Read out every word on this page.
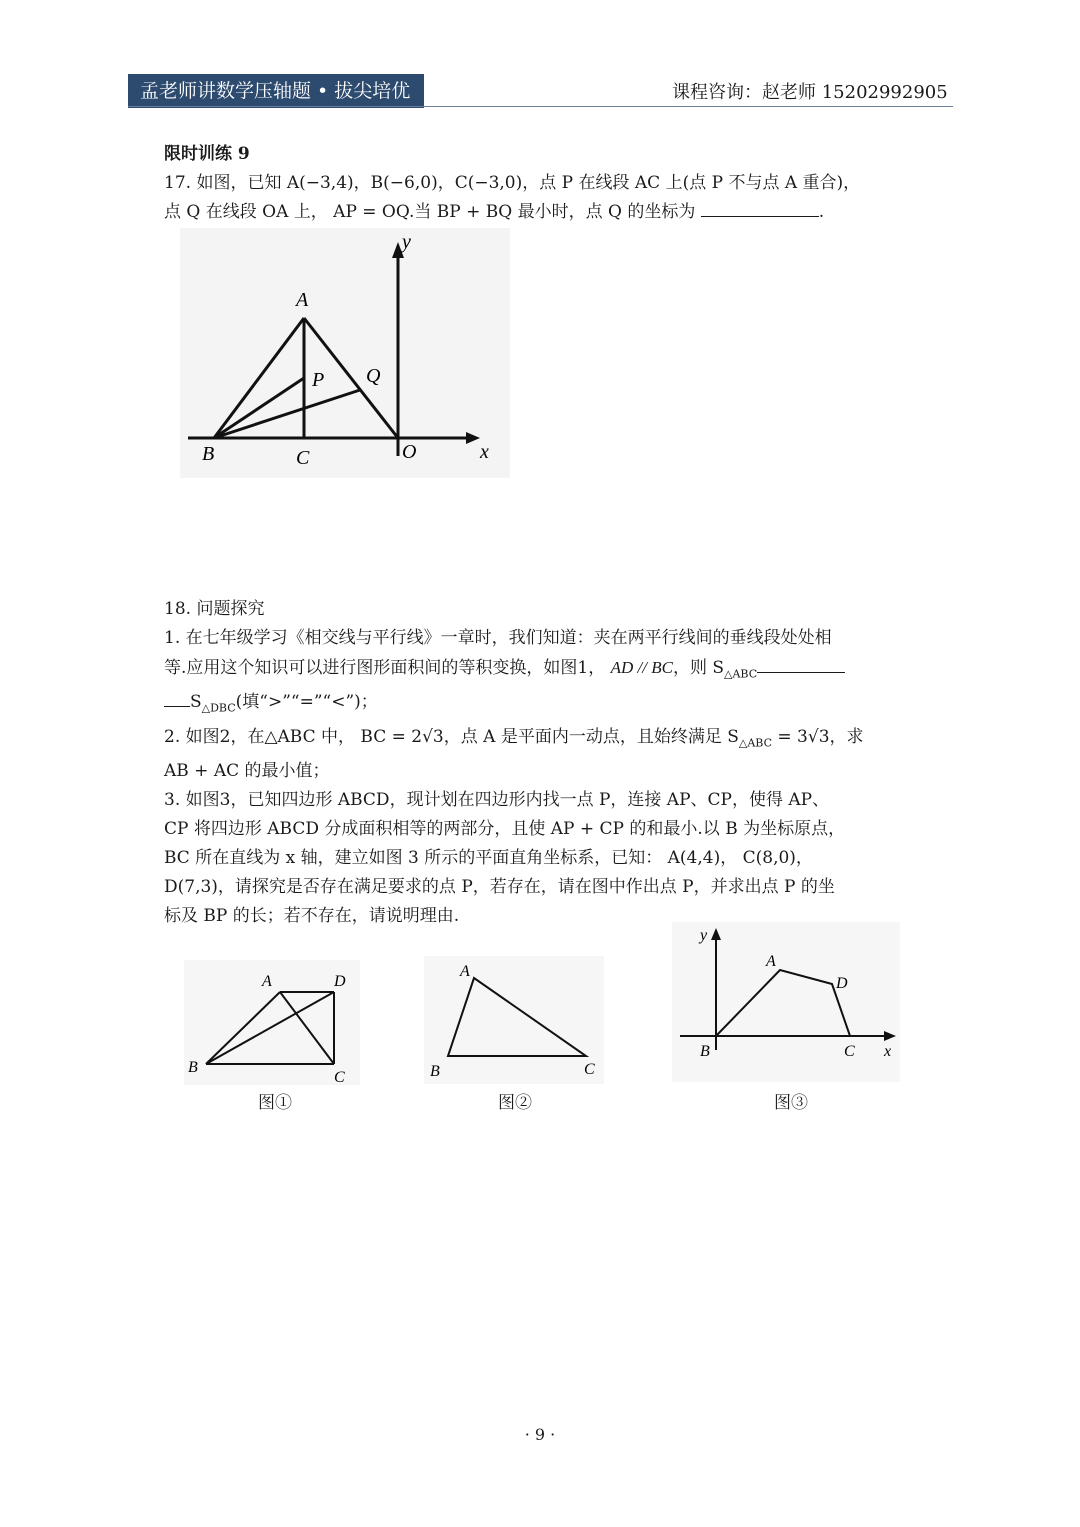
孟老师讲数学压轴题 • 拔尖培优	课程咨询：赵老师 15202992905

限时训练 9

17. 如图，已知 A(−3,4)，B(−6,0)，C(−3,0)，点 P 在线段 AC 上(点 P 不与点 A 重合)，

点 Q 在线段 OA 上， AP = OQ.当 BP + BQ 最小时，点 Q 的坐标为	.

18. 问题探究

1. 在七年级学习《相交线与平行线》一章时，我们知道：夹在两平行线间的垂线段处处相

等.应用这个知识可以进行图形面积间的等积变换，如图1， AD // BC，则 $S_{\triangle ABC}$

$S_{\triangle DBC}$(填“>”“=”“<”)；

2. 如图2，在△ABC 中， BC = 2√3，点 A 是平面内一动点，且始终满足 $S_{\triangle ABC} = 3√3$，求

AB + AC 的最小值；

3. 如图3，已知四边形 ABCD，现计划在四边形内找一点 P，连接 AP、CP，使得 AP、

CP 将四边形 ABCD 分成面积相等的两部分，且使 AP + CP 的和最小.以 B 为坐标原点，

BC 所在直线为 x 轴，建立如图 3 所示的平面直角坐标系，已知： A(4,4)， C(8,0)，

D(7,3)，请探究是否存在满足要求的点 P，若存在，请在图中作出点 P，并求出点 P 的坐

标及 BP 的长；若不存在，请说明理由.

A
B	C	O
P Q
x
y
A	D
B
C
图①
A
B	C
图②
y
A
D
B	C x
图③
· 9 ·
